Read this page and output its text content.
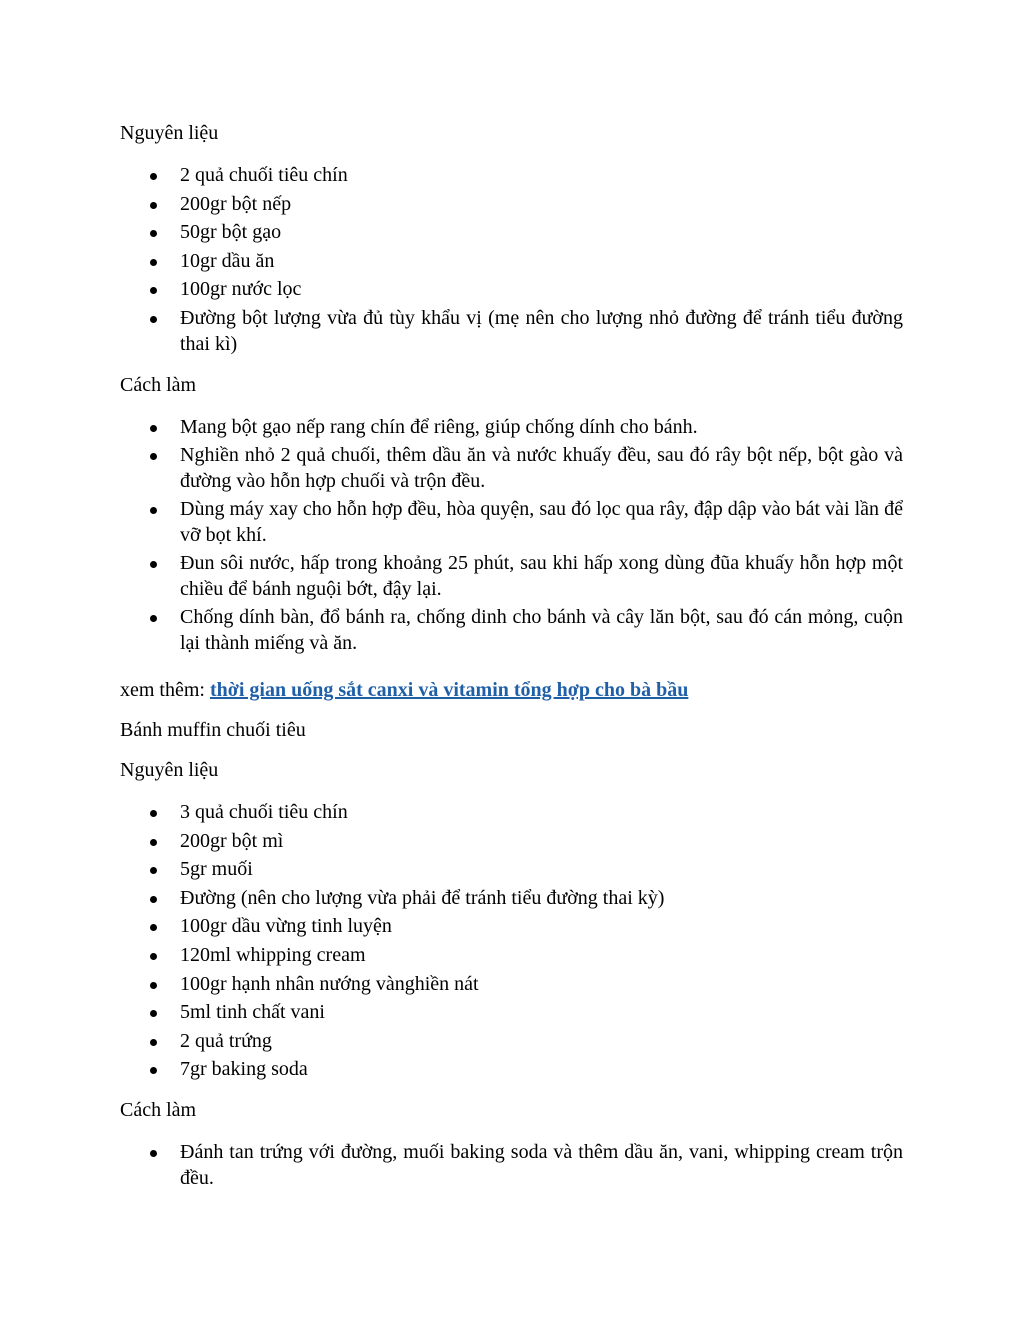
Nguyên liệu

2 quả chuối tiêu chín
200gr bột nếp
50gr bột gạo
10gr dầu ăn
100gr nước lọc
Đường bột lượng vừa đủ tùy khẩu vị (mẹ nên cho lượng nhỏ đường để tránh tiểu đường thai kì)

Cách làm

Mang bột gạo nếp rang chín để riêng, giúp chống dính cho bánh.
Nghiền nhỏ 2 quả chuối, thêm dầu ăn và nước khuấy đều, sau đó rây bột nếp, bột gào và đường vào hỗn hợp chuối và trộn đều.
Dùng máy xay cho hỗn hợp đều, hòa quyện, sau đó lọc qua rây, đập dập vào bát vài lần để vỡ bọt khí.
Đun sôi nước, hấp trong khoảng 25 phút, sau khi hấp xong dùng đũa khuấy hỗn hợp một chiều để bánh nguội bớt, đậy lại.
Chống dính bàn, đổ bánh ra, chống dinh cho bánh và cây lăn bột, sau đó cán mỏng, cuộn lại thành miếng và ăn.

xem thêm: thời gian uống sắt canxi và vitamin tổng hợp cho bà bầu

Bánh muffin chuối tiêu

Nguyên liệu

3 quả chuối tiêu chín
200gr bột mì
5gr muối
Đường (nên cho lượng vừa phải để tránh tiểu đường thai kỳ)
100gr dầu vừng tinh luyện
120ml whipping cream
100gr hạnh nhân nướng vànghiền nát
5ml tinh chất vani
2 quả trứng
7gr baking soda

Cách làm

Đánh tan trứng với đường, muối baking soda và thêm dầu ăn, vani, whipping cream trộn đều.
